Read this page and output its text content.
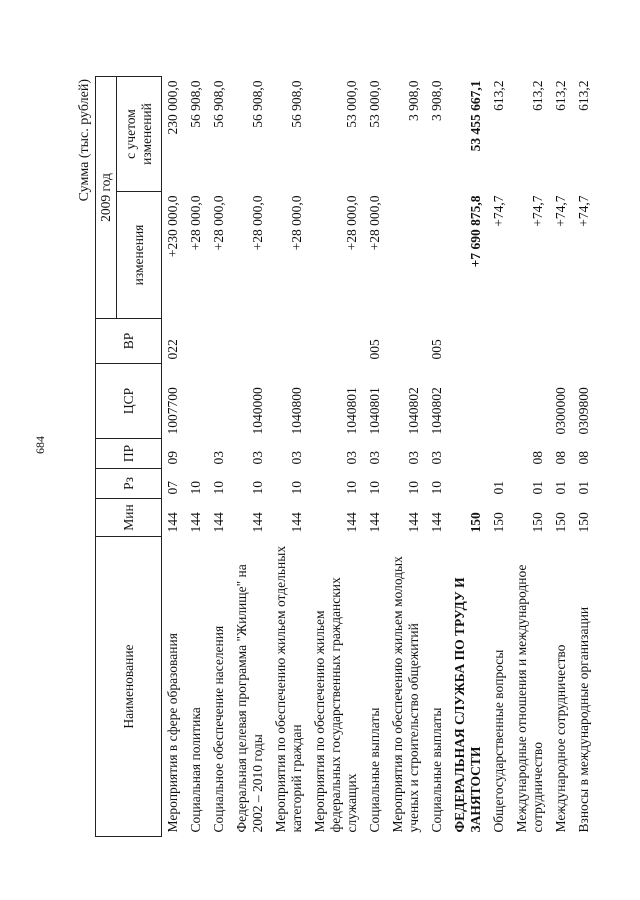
684
Сумма (тыс. рублей)
Наименование	Мин	Рз	ПР	ЦСР	ВР	2009 год	
						изменения	с учетом изменений
Мероприятия в сфере образования	144	07	09	1007700	022	+230 000,0	230 000,0
Социальная политика	144	10				+28 000,0	56 908,0
Социальное обеспечение населения	144	10	03			+28 000,0	56 908,0
Федеральная целевая программа "Жилище" на 2002 – 2010 годы	144	10	03	1040000		+28 000,0	56 908,0
Мероприятия по обеспечению жильем отдельных категорий граждан	144	10	03	1040800		+28 000,0	56 908,0
Мероприятия по обеспечению жильем федеральных государственных гражданских служащих	144	10	03	1040801		+28 000,0	53 000,0
Социальные выплаты	144	10	03	1040801	005	+28 000,0	53 000,0
Мероприятия по обеспечению жильем молодых ученых и строительство общежитий	144	10	03	1040802			3 908,0
Социальные выплаты	144	10	03	1040802	005		3 908,0
ФЕДЕРАЛЬНАЯ СЛУЖБА ПО ТРУДУ И ЗАНЯТОСТИ	150					+7 690 875,8	53 455 667,1
Общегосударственные вопросы	150	01				+74,7	613,2
Международные отношения и международное сотрудничество	150	01	08			+74,7	613,2
Международное сотрудничество	150	01	08	0300000		+74,7	613,2
Взносы в международные организации	150	01	08	0309800		+74,7	613,2
